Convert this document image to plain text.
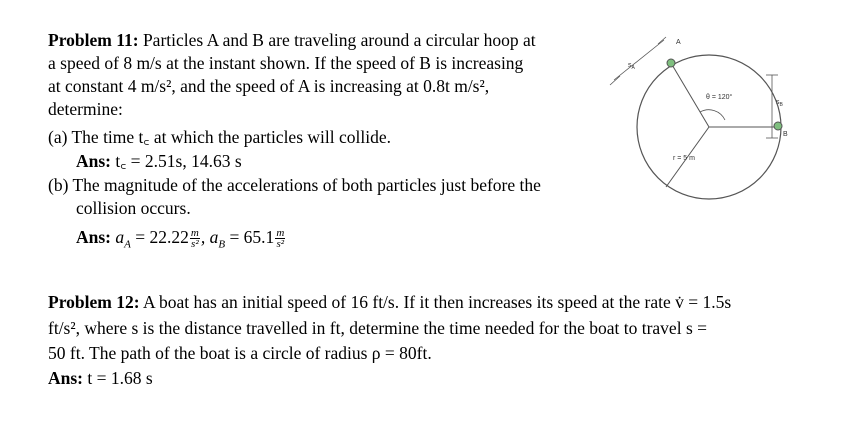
Problem 11: Particles A and B are traveling around a circular hoop at
a speed of 8 m/s at the instant shown. If the speed of B is increasing
at constant 4 m/s², and the speed of A is increasing at 0.8t m/s²,
determine:
(a) The time t꜀ at which the particles will collide.
Ans: t꜀ = 2.51s, 14.63 s
(b) The magnitude of the accelerations of both particles just before the
collision occurs.
Ans: $a_A = 22.22 \frac{m}{\text{s²}}$ , $a_B = 65.1 \frac{m}{\text{s²}}$
A
B
$s_A$
$s_B$
θ = 120°
r = 5 m
Problem 12: A boat has an initial speed of 16 ft/s. If it then increases its speed at the rate v̇ = 1.5s
ft/s², where s is the distance travelled in ft, determine the time needed for the boat to travel s =
50 ft. The path of the boat is a circle of radius ρ = 80ft.
Ans: t = 1.68 s
